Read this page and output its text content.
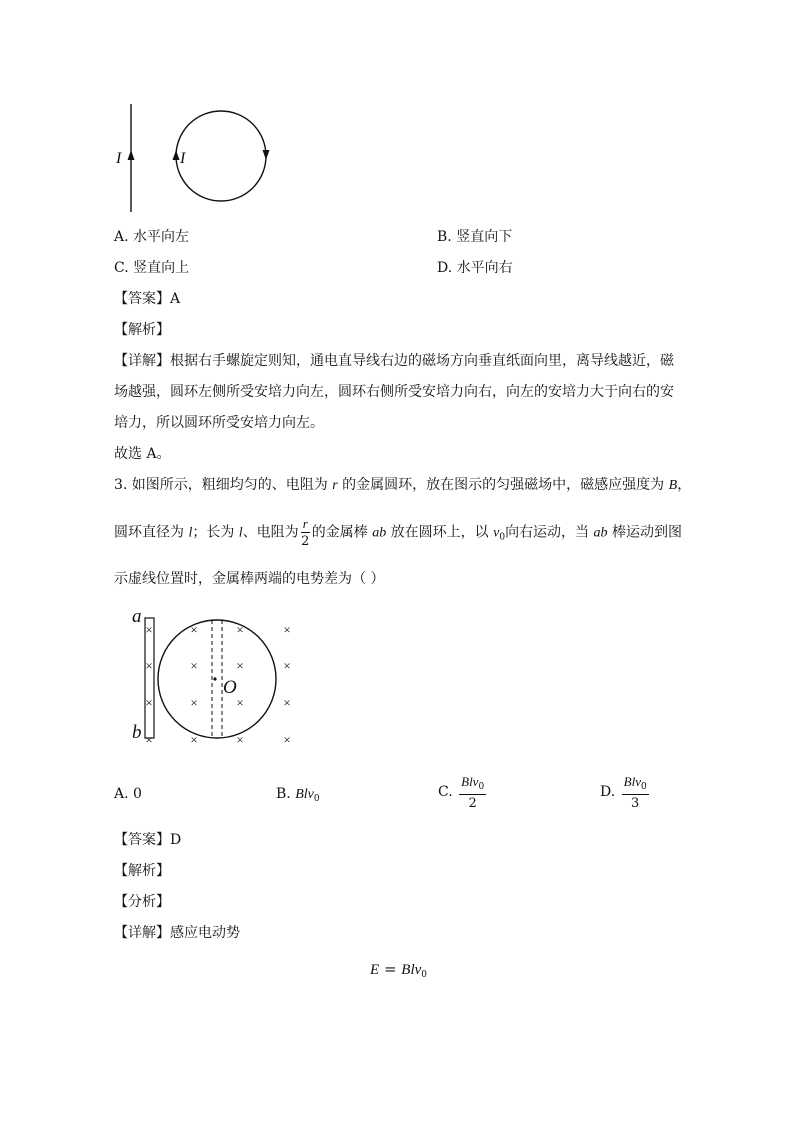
I	I
A. 水平向左	B. 竖直向下
C. 竖直向上	D. 水平向右
【答案】A
【解析】
【详解】根据右手螺旋定则知，通电直导线右边的磁场方向垂直纸面向里，离导线越近，磁
场越强，圆环左侧所受安培力向左，圆环右侧所受安培力向右，向左的安培力大于向右的安
培力，所以圆环所受安培力向左。
故选 A。
3. 如图所示，粗细均匀的、电阻为 r 的金属圆环，放在图示的匀强磁场中，磁感应强度为 B，
圆环直径为 l；长为 l、电阻为 $\frac{r}{2}$ 的金属棒 ab 放在圆环上，以 $v_0$向右运动，当 ab 棒运动到图
示虚线位置时，金属棒两端的电势差为（ ）
a
b
O
×
×
×
×
×
×
×
×
×
×
×
×
×
×
×
×
A. 0	B. Blv$_0$	C. $\frac{Blv_0}{2}$	D. $\frac{Blv_0}{3}$
【答案】D
【解析】
【分析】
【详解】感应电动势
E = Blv$_0$
